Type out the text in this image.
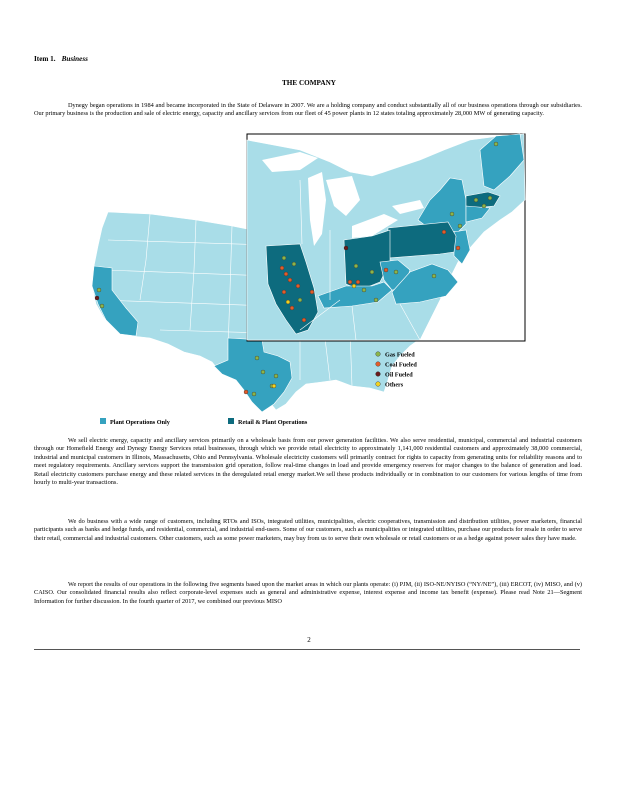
Item 1. Business
THE COMPANY
Dynegy began operations in 1984 and became incorporated in the State of Delaware in 2007. We are a holding company and conduct substantially all of our business operations through our subsidiaries. Our primary business is the production and sale of electric energy, capacity and ancillary services from our fleet of 45 power plants in 12 states totaling approximately 28,000 MW of generating capacity.
Gas Fueled
Coal Fueled
Oil Fueled
Others
Plant Operations Only	Retail & Plant Operations
We sell electric energy, capacity and ancillary services primarily on a wholesale basis from our power generation facilities. We also serve residential, municipal, commercial and industrial customers through our Homefield Energy and Dynegy Energy Services retail businesses, through which we provide retail electricity to approximately 1,141,000 residential customers and approximately 38,000 commercial, industrial and municipal customers in Illinois, Massachusetts, Ohio and Pennsylvania. Wholesale electricity customers will primarily contract for rights to capacity from generating units for reliability reasons and to meet regulatory requirements. Ancillary services support the transmission grid operation, follow real-time changes in load and provide emergency reserves for major changes to the balance of generation and load. Retail electricity customers purchase energy and these related services in the deregulated retail energy market.We sell these products individually or in combination to our customers for various lengths of time from hourly to multi-year transactions.
We do business with a wide range of customers, including RTOs and ISOs, integrated utilities, municipalities, electric cooperatives, transmission and distribution utilities, power marketers, financial participants such as banks and hedge funds, and residential, commercial, and industrial end-users. Some of our customers, such as municipalities or integrated utilities, purchase our products for resale in order to serve their retail, commercial and industrial customers. Other customers, such as some power marketers, may buy from us to serve their own wholesale or retail customers or as a hedge against power sales they have made.
We report the results of our operations in the following five segments based upon the market areas in which our plants operate: (i) PJM, (ii) ISO-NE/NYISO (“NY/NE”), (iii) ERCOT, (iv) MISO, and (v) CAISO. Our consolidated financial results also reflect corporate-level expenses such as general and administrative expense, interest expense and income tax benefit (expense). Please read Note 21—Segment Information for further discussion. In the fourth quarter of 2017, we combined our previous MISO
2
